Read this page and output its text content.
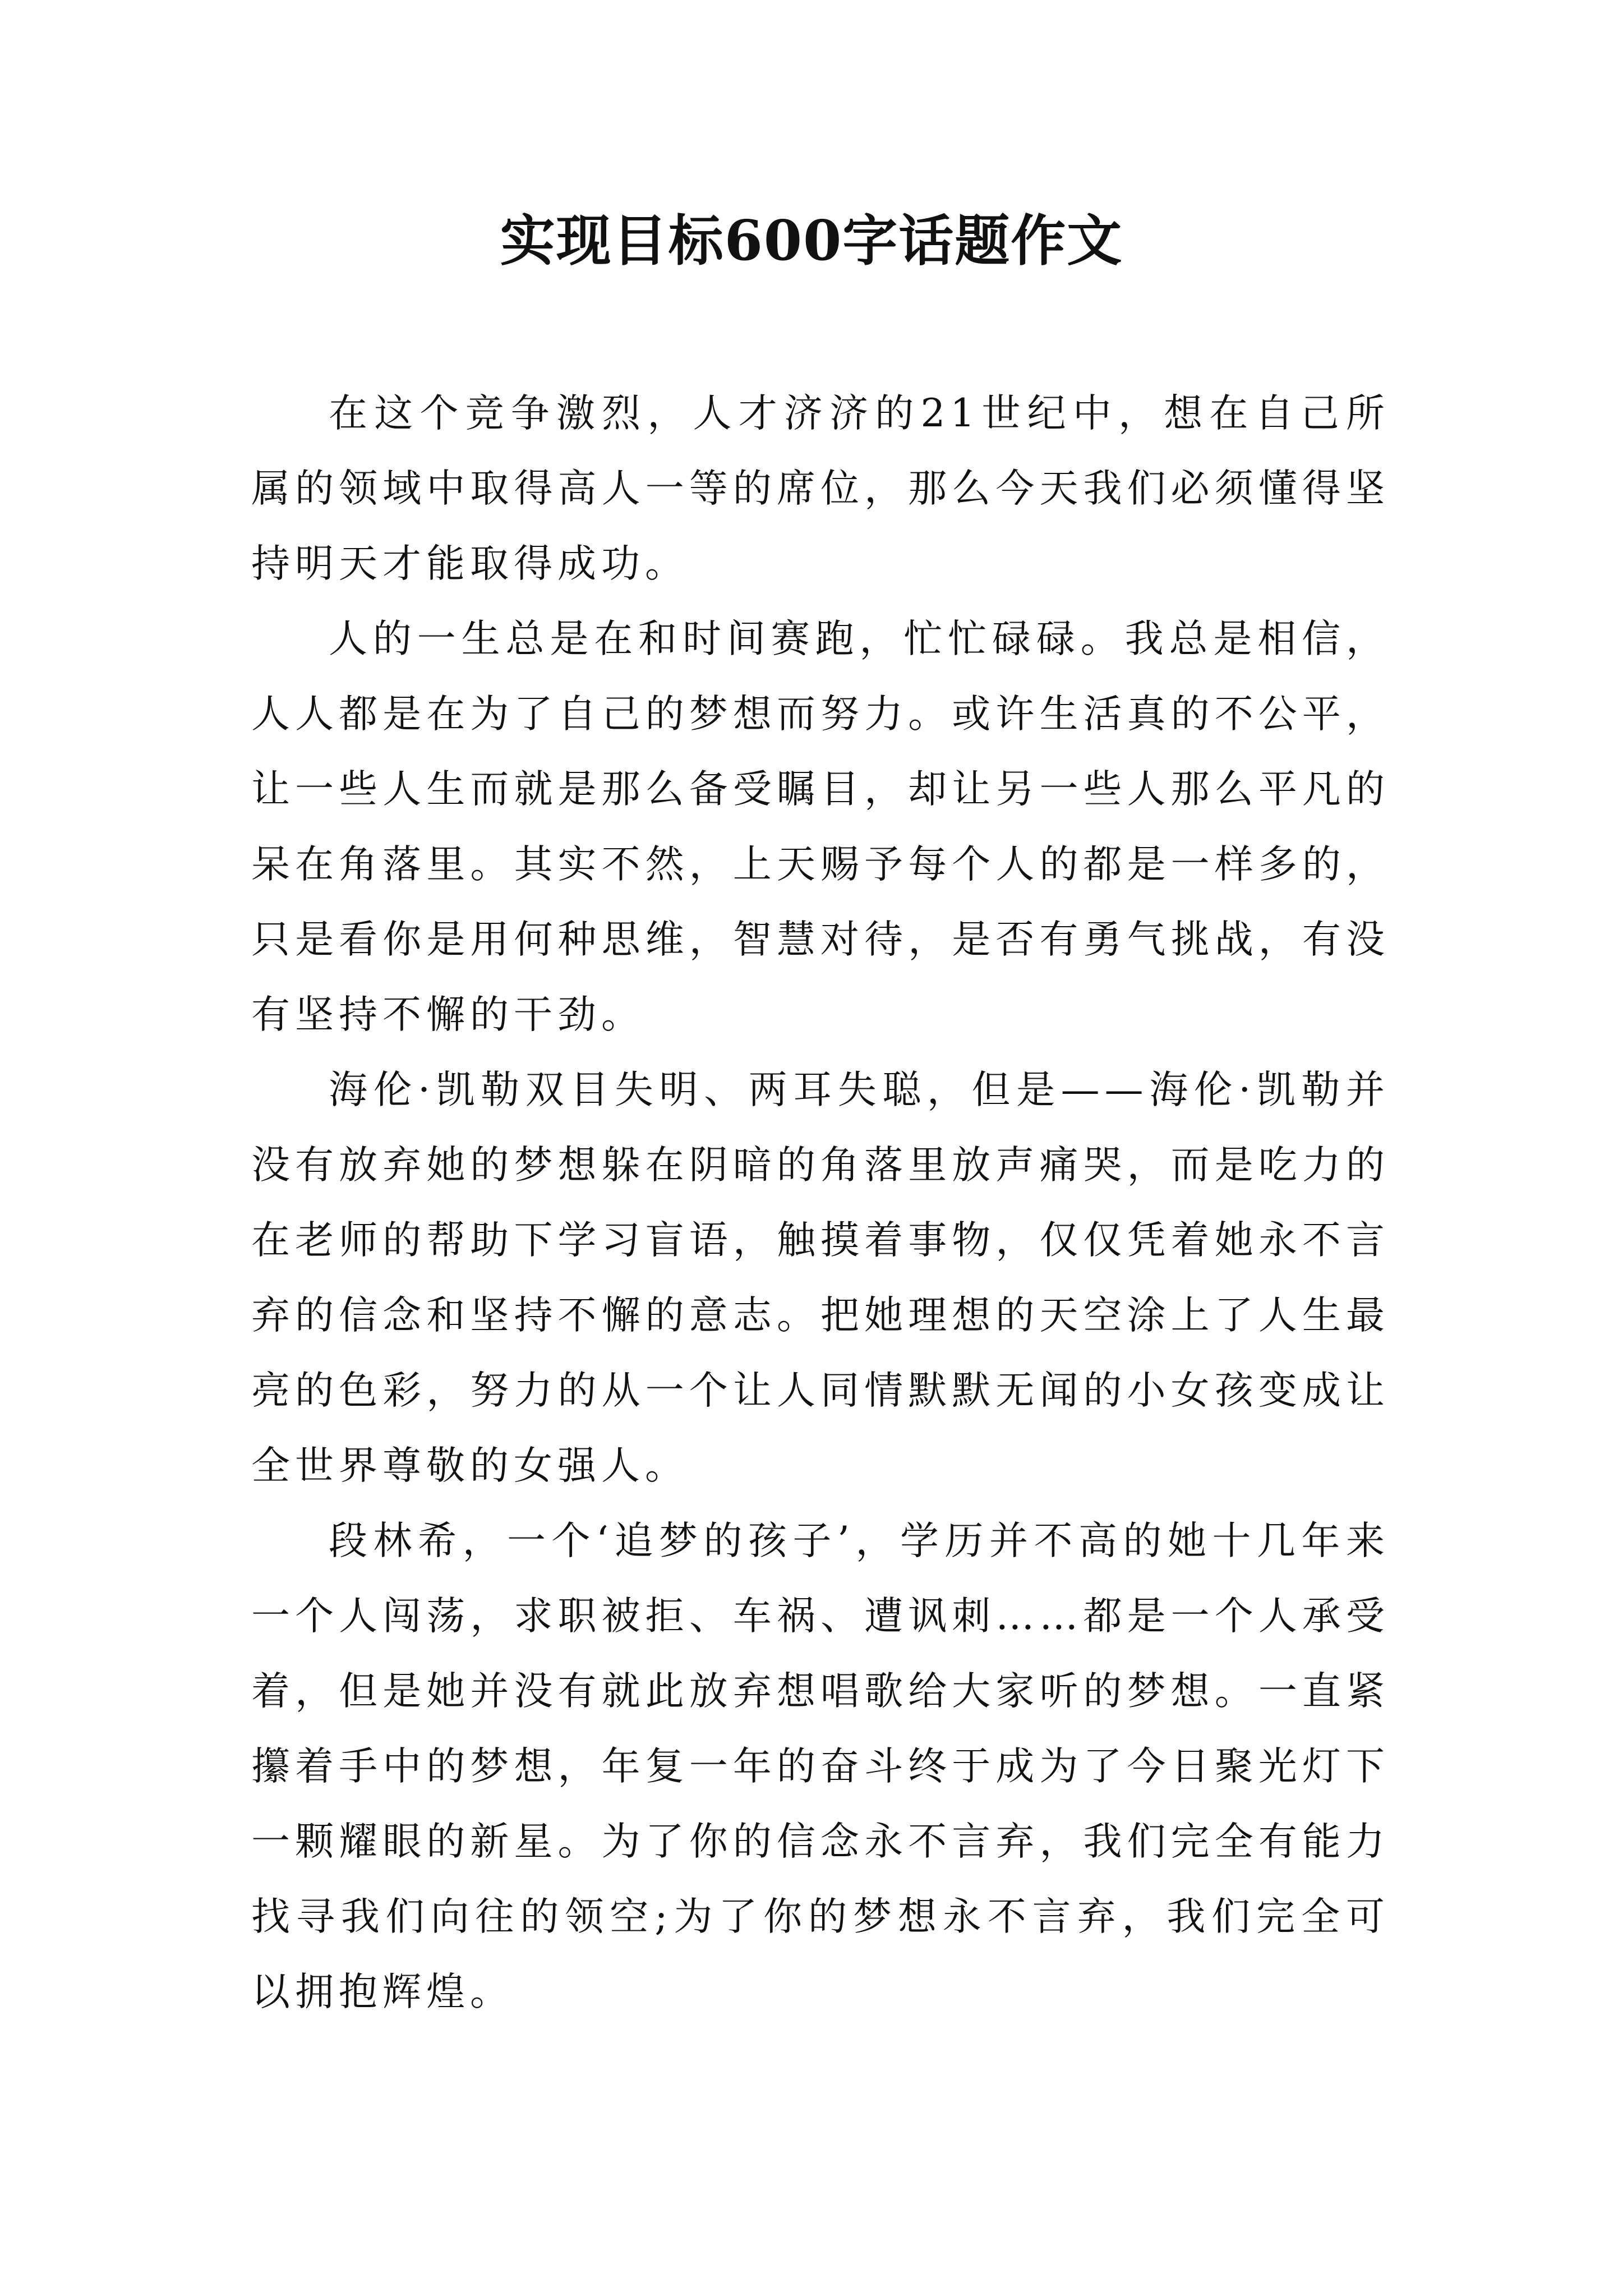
实现目标600字话题作文

在这个竞争激烈，人才济济的21世纪中，想在自己所属的领域中取得高人一等的席位，那么今天我们必须懂得坚持明天才能取得成功。

人的一生总是在和时间赛跑，忙忙碌碌。我总是相信，人人都是在为了自己的梦想而努力。或许生活真的不公平，让一些人生而就是那么备受瞩目，却让另一些人那么平凡的呆在角落里。其实不然，上天赐予每个人的都是一样多的，只是看你是用何种思维，智慧对待，是否有勇气挑战，有没有坚持不懈的干劲。

海伦·凯勒双目失明、两耳失聪，但是——海伦·凯勒并没有放弃她的梦想躲在阴暗的角落里放声痛哭，而是吃力的在老师的帮助下学习盲语，触摸着事物，仅仅凭着她永不言弃的信念和坚持不懈的意志。把她理想的天空涂上了人生最亮的色彩，努力的从一个让人同情默默无闻的小女孩变成让全世界尊敬的女强人。

段林希，一个‘追梦的孩子’，学历并不高的她十几年来一个人闯荡，求职被拒、车祸、遭讽刺……都是一个人承受着，但是她并没有就此放弃想唱歌给大家听的梦想。一直紧攥着手中的梦想，年复一年的奋斗终于成为了今日聚光灯下一颗耀眼的新星。为了你的信念永不言弃，我们完全有能力找寻我们向往的领空;为了你的梦想永不言弃，我们完全可以拥抱辉煌。
